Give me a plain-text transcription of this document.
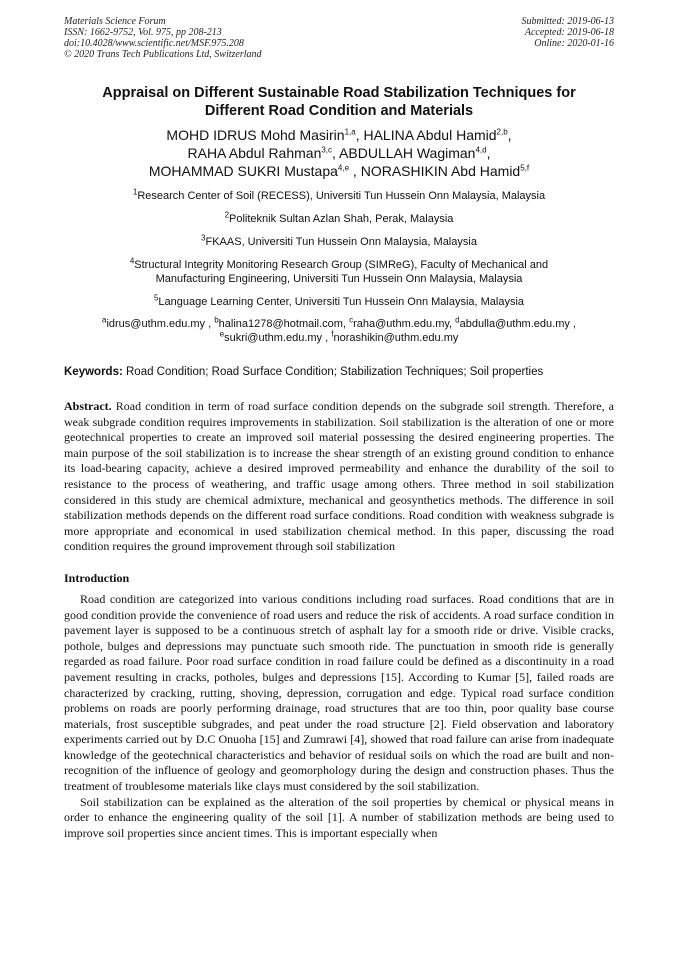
Materials Science Forum
ISSN: 1662-9752, Vol. 975, pp 208-213
doi:10.4028/www.scientific.net/MSF.975.208
© 2020 Trans Tech Publications Ltd, Switzerland
Submitted: 2019-06-13
Accepted: 2019-06-18
Online: 2020-01-16
Appraisal on Different Sustainable Road Stabilization Techniques for
Different Road Condition and Materials
MOHD IDRUS Mohd Masirin$^{1,a}$, HALINA Abdul Hamid$^{2,b}$,
RAHA Abdul Rahman$^{3,c}$, ABDULLAH Wagiman$^{4,d}$,
MOHAMMAD SUKRI Mustapa$^{4,e}$ , NORASHIKIN Abd Hamid$^{5,f}$
$^1$Research Center of Soil (RECESS), Universiti Tun Hussein Onn Malaysia, Malaysia
$^2$Politeknik Sultan Azlan Shah, Perak, Malaysia
$^3$FKAAS, Universiti Tun Hussein Onn Malaysia, Malaysia
$^4$Structural Integrity Monitoring Research Group (SIMReG), Faculty of Mechanical and
Manufacturing Engineering, Universiti Tun Hussein Onn Malaysia, Malaysia
$^5$Language Learning Center, Universiti Tun Hussein Onn Malaysia, Malaysia
$^a$idrus@uthm.edu.my , $^b$halina1278@hotmail.com, $^c$raha@uthm.edu.my, $^d$abdulla@uthm.edu.my ,
$^e$sukri@uthm.edu.my , $^f$norashikin@uthm.edu.my
Keywords: Road Condition; Road Surface Condition; Stabilization Techniques; Soil properties

Abstract. Road condition in term of road surface condition depends on the subgrade soil strength. Therefore, a weak subgrade condition requires improvements in stabilization. Soil stabilization is the alteration of one or more geotechnical properties to create an improved soil material possessing the desired engineering properties. The main purpose of the soil stabilization is to increase the shear strength of an existing ground condition to enhance its load-bearing capacity, achieve a desired improved permeability and enhance the durability of the soil to resistance to the process of weathering, and traffic usage among others. Three method in soil stabilization considered in this study are chemical admixture, mechanical and geosynthetics methods. The difference in soil stabilization methods depends on the different road surface conditions. Road condition with weakness subgrade is more appropriate and economical in used stabilization chemical method. In this paper, discussing the road condition requires the ground improvement through soil stabilization

Introduction

Road condition are categorized into various conditions including road surfaces. Road conditions that are in good condition provide the convenience of road users and reduce the risk of accidents. A road surface condition in pavement layer is supposed to be a continuous stretch of asphalt lay for a smooth ride or drive. Visible cracks, pothole, bulges and depressions may punctuate such smooth ride. The punctuation in smooth ride is generally regarded as road failure. Poor road surface condition in road failure could be defined as a discontinuity in a road pavement resulting in cracks, potholes, bulges and depressions [15]. According to Kumar [5], failed roads are characterized by cracking, rutting, shoving, depression, corrugation and edge. Typical road surface condition problems on roads are poorly performing drainage, road structures that are too thin, poor quality base course materials, frost susceptible subgrades, and peat under the road structure [2]. Field observation and laboratory experiments carried out by D.C Onuoha [15] and Zumrawi [4], showed that road failure can arise from inadequate knowledge of the geotechnical characteristics and behavior of residual soils on which the road are built and non-recognition of the influence of geology and geomorphology during the design and construction phases. Thus the treatment of troublesome materials like clays must considered by the soil stabilization.

Soil stabilization can be explained as the alteration of the soil properties by chemical or physical means in order to enhance the engineering quality of the soil [1]. A number of stabilization methods are being used to improve soil properties since ancient times. This is important especially when
